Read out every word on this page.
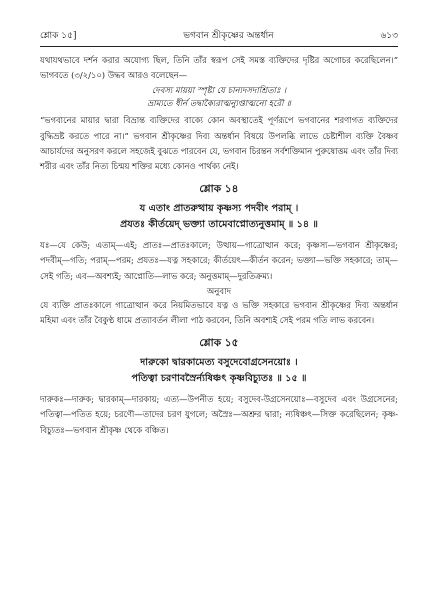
শ্লোক ১৫]	ভগবান শ্রীকৃষ্ণের অন্তর্ধান	৬১৩

যথাযথভাবে দর্শন করার অযোগ্য ছিল, তিনি তাঁর স্বরূপ সেই সমস্ত ব্যক্তিদের দৃষ্টির অগোচর করেছিলেন।” ভাগবতে (৩/২/১০) উদ্ধব আরও বলেছেন—

দেবস্য মায়য়া স্পৃষ্টা যে চান্যদসদাশ্রিতাঃ ।
ভ্রাম্যতে ধীর্ন তদ্বাক্যৈরাত্মন্যুপ্তাত্মনো হরৌ ॥

“ভগবানের মায়ার দ্বারা বিভ্রান্ত ব্যক্তিদের বাক্যে কোন অবস্থাতেই পূর্ণরূপে ভগবানের শরণাগত ব্যক্তিদের বুদ্ধিভ্রষ্ট করতে পারে না।” ভগবান শ্রীকৃষ্ণের দিব্য অন্তর্ধান বিষয়ে উপলব্ধি লাভে চেষ্টাশীল ব্যক্তি বৈষ্ণব আচার্যদের অনুসরণ করলে সহজেই বুঝতে পারবেন যে, ভগবান চিরন্তন সর্বশক্তিমান পুরুষোত্তম এবং তাঁর দিব্য শরীর এবং তাঁর নিত্য চিন্ময় শক্তির মধ্যে কোনও পার্থক্য নেই।

শ্লোক ১৪
য এতাং প্রাতরুত্থায় কৃষ্ণস্য পদবীং পরাম্ ।
প্রযতঃ কীর্তয়েদ্ ভক্ত্যা তামেবাপ্নোত্যনুত্তমাম্ ॥ ১৪ ॥

যঃ—যে কেউ; এতাম্—এই; প্রাতঃ—প্রাতঃকালে; উত্থায়—গাত্রোত্থান করে; কৃষ্ণস্য—ভগবান শ্রীকৃষ্ণের; পদবীম্—গতি; পরাম্—পরম; প্রযতঃ—যত্ন সহকারে; কীর্তয়েৎ—কীর্তন করেন; ভক্ত্যা—ভক্তি সহকারে; তাম্—সেই গতি; এব—অবশ্যই; আপ্নোতি—লাভ করে; অনুত্তমাম্—দুরতিক্রম্য।

অনুবাদ

যে ব্যক্তি প্রাতঃকালে গাত্রোত্থান করে নিয়মিতভাবে যত্ন ও ভক্তি সহকারে ভগবান শ্রীকৃষ্ণের দিব্য অন্তর্ধান মহিমা এবং তাঁর বৈকুণ্ঠ ধামে প্রত্যাবর্তন লীলা পাঠ করবেন, তিনি অবশ্যই সেই পরম গতি লাভ করবেন।

শ্লোক ১৫
দারুকো দ্বারকামেত্য বসুদেবোগ্রসেনয়োঃ ।
পতিত্বা চরণাবস্রৈর্ন্যষিঞ্চৎ কৃষ্ণবিচ্যুতঃ ॥ ১৫ ॥

দারুকঃ—দারুক; দ্বারকাম্—দারকায়; এত্য—উপনীত হয়ে; বসুদেব-উগ্রসেনয়োঃ—বসুদেব এবং উগ্রসেনের; পতিত্বা—পতিত হয়ে; চরণৌ—তাদের চরণ যুগলে; অস্রৈঃ—অশ্রুর দ্বারা; ন্যষিঞ্চৎ—সিক্ত করেছিলেন; কৃষ্ণ-বিচ্যুতঃ—ভগবান শ্রীকৃষ্ণ থেকে বঞ্চিত।
